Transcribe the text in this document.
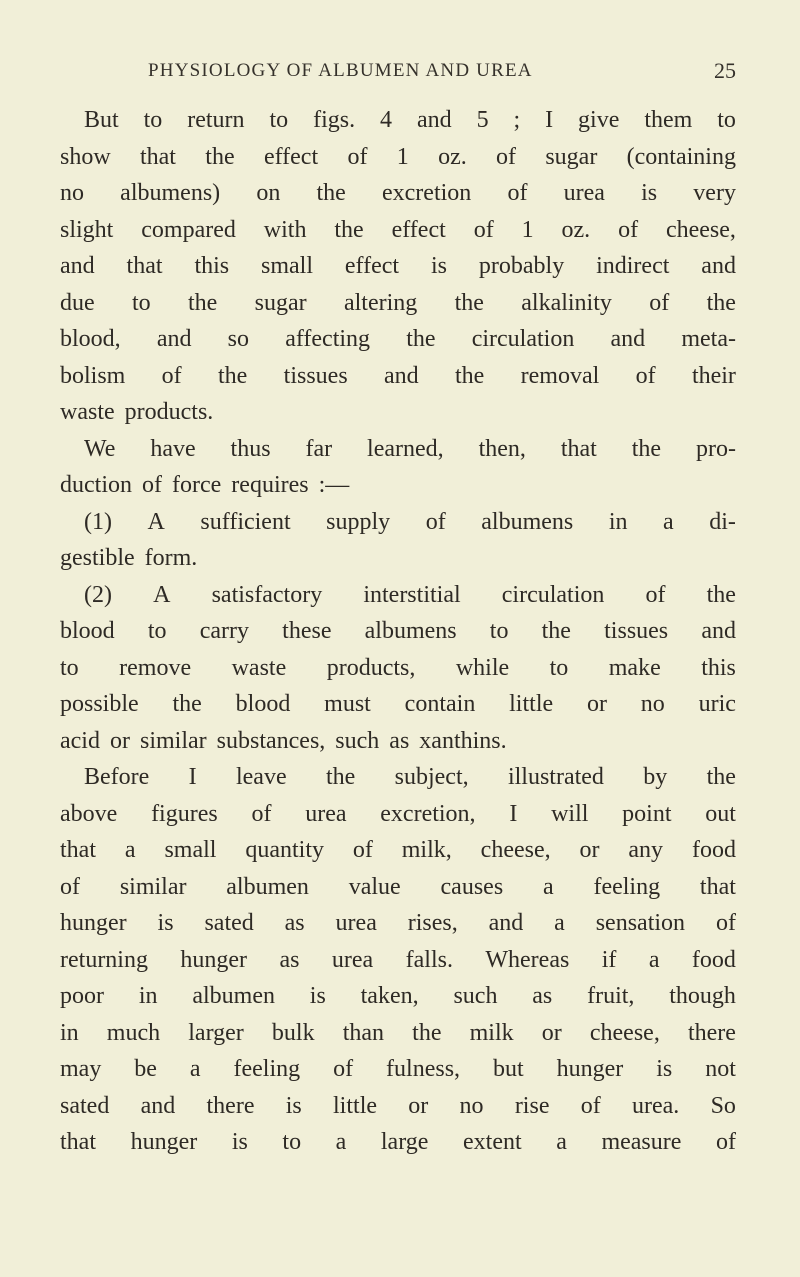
PHYSIOLOGY OF ALBUMEN AND UREA	25
But to return to figs. 4 and 5 ; I give them to
show that the effect of 1 oz. of sugar (containing
no albumens) on the excretion of urea is very
slight compared with the effect of 1 oz. of cheese,
and that this small effect is probably indirect and
due to the sugar altering the alkalinity of the
blood, and so affecting the circulation and meta-
bolism of the tissues and the removal of their
waste products.
We have thus far learned, then, that the pro-
duction of force requires :—
(1) A sufficient supply of albumens in a di-
gestible form.
(2) A satisfactory interstitial circulation of the
blood to carry these albumens to the tissues and
to remove waste products, while to make this
possible the blood must contain little or no uric
acid or similar substances, such as xanthins.
Before I leave the subject, illustrated by the
above figures of urea excretion, I will point out
that a small quantity of milk, cheese, or any food
of similar albumen value causes a feeling that
hunger is sated as urea rises, and a sensation of
returning hunger as urea falls. Whereas if a food
poor in albumen is taken, such as fruit, though
in much larger bulk than the milk or cheese, there
may be a feeling of fulness, but hunger is not
sated and there is little or no rise of urea. So
that hunger is to a large extent a measure of
